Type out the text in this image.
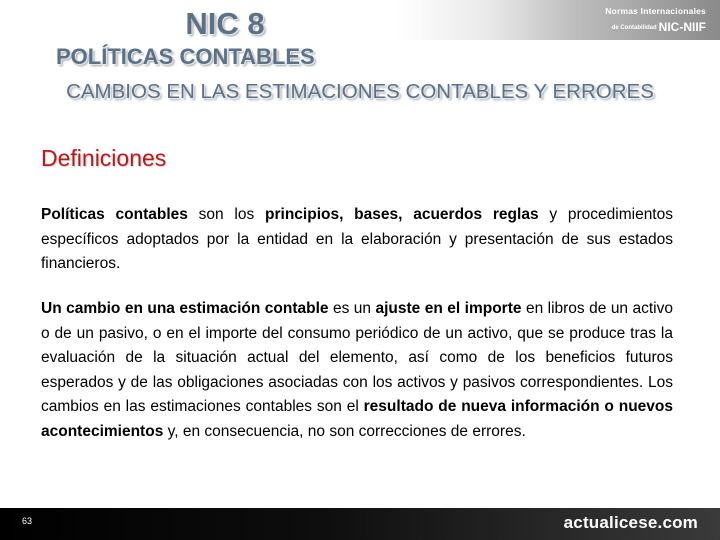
Normas Internacionales
de Contabilidad NIC-NIIF
NIC 8
POLÍTICAS CONTABLES
CAMBIOS EN LAS ESTIMACIONES CONTABLES Y ERRORES
Definiciones

Políticas contables son los principios, bases, acuerdos reglas y procedimientos específicos adoptados por la entidad en la elaboración y presentación de sus estados financieros.

Un cambio en una estimación contable es un ajuste en el importe en libros de un activo o de un pasivo, o en el importe del consumo periódico de un activo, que se produce tras la evaluación de la situación actual del elemento, así como de los beneficios futuros esperados y de las obligaciones asociadas con los activos y pasivos correspondientes. Los cambios en las estimaciones contables son el resultado de nueva información o nuevos acontecimientos y, en consecuencia, no son correcciones de errores.

63	actualicese.com
